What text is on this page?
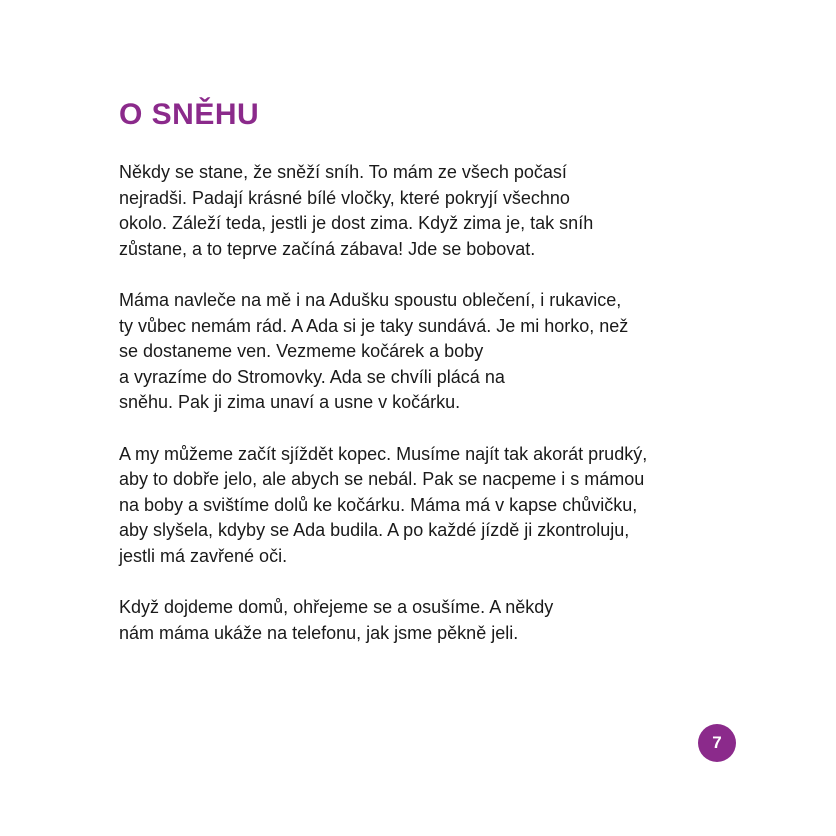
O SNĚHU

Někdy se stane, že sněží sníh. To mám ze všech počasí
nejradši. Padají krásné bílé vločky, které pokryjí všechno
okolo. Záleží teda, jestli je dost zima. Když zima je, tak sníh
zůstane, a to teprve začíná zábava! Jde se bobovat.

Máma navleče na mě i na Adušku spoustu oblečení, i rukavice,
ty vůbec nemám rád. A Ada si je taky sundává. Je mi horko, než
se dostaneme ven. Vezmeme kočárek a boby
a vyrazíme do Stromovky. Ada se chvíli plácá na
sněhu. Pak ji zima unaví a usne v kočárku.

A my můžeme začít sjíždět kopec. Musíme najít tak akorát prudký,
aby to dobře jelo, ale abych se nebál. Pak se nacpeme i s mámou
na boby a svištíme dolů ke kočárku. Máma má v kapse chůvičku,
aby slyšela, kdyby se Ada budila. A po každé jízdě ji zkontroluju,
jestli má zavřené oči.

Když dojdeme domů, ohřejeme se a osušíme. A někdy
nám máma ukáže na telefonu, jak jsme pěkně jeli.

7
